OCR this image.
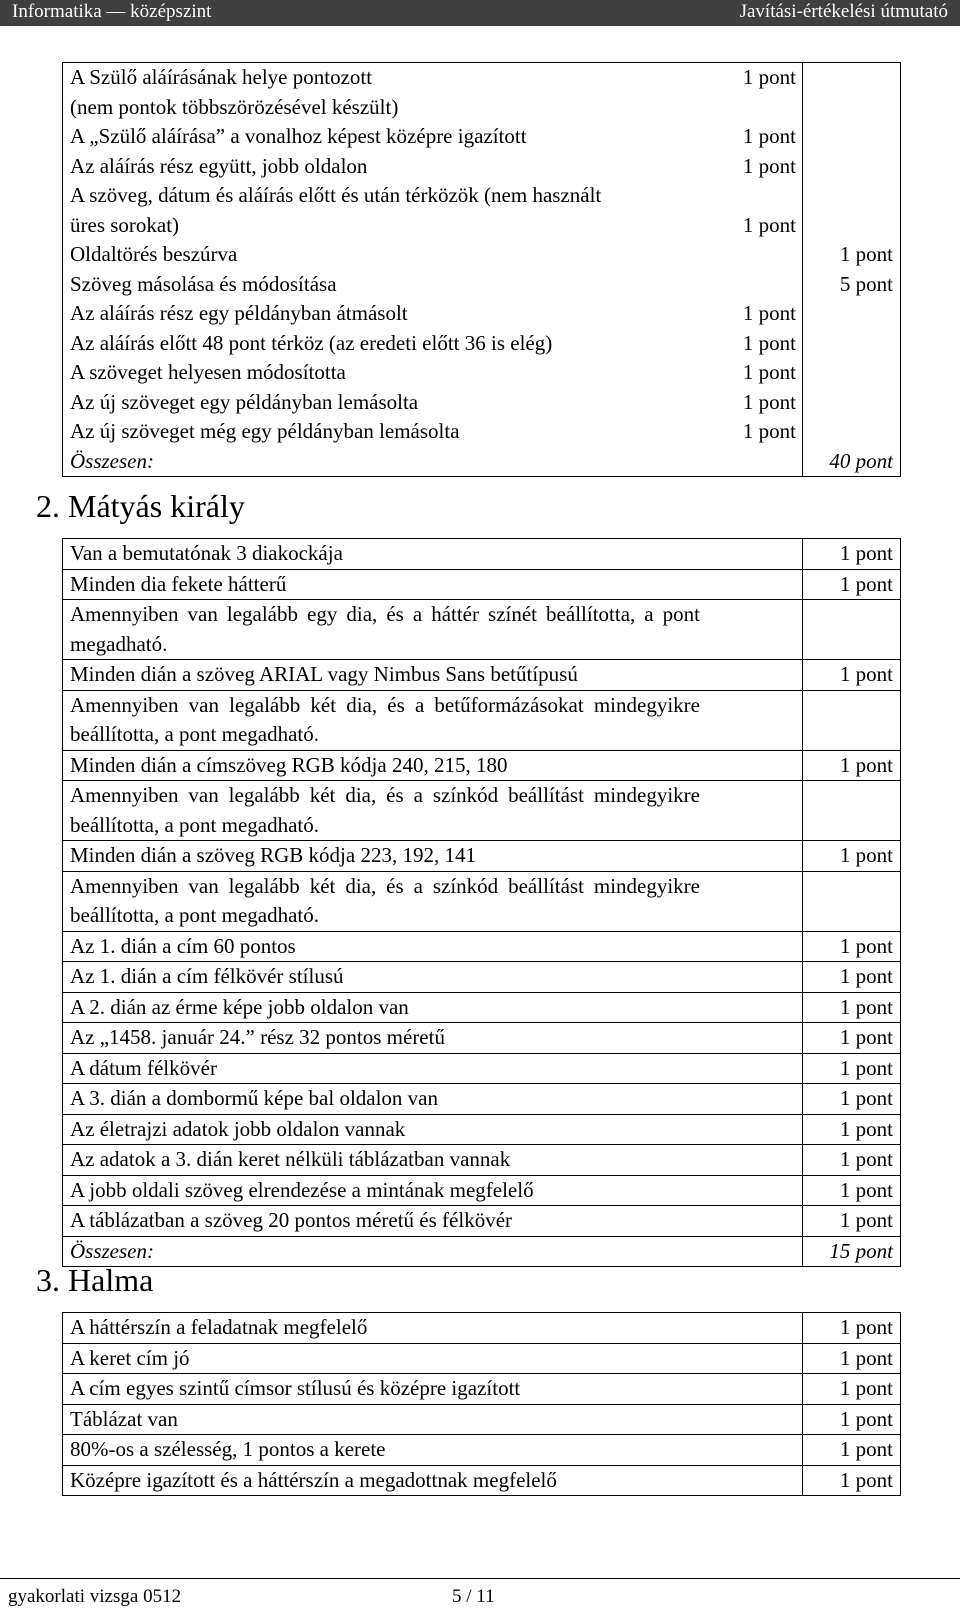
Informatika — középszint	Javítási-értékelési útmutató
A Szülő aláírásának helye pontozott	1 pont	
(nem pontok többszörözésével készült)		
A „Szülő aláírása” a vonalhoz képest középre igazított	1 pont	
Az aláírás rész együtt, jobb oldalon	1 pont	
A szöveg, dátum és aláírás előtt és után térközök (nem használt		
üres sorokat)	1 pont	
Oldaltörés beszúrva		1 pont
Szöveg másolása és módosítása		5 pont
Az aláírás rész egy példányban átmásolt	1 pont	
Az aláírás előtt 48 pont térköz (az eredeti előtt 36 is elég)	1 pont	
A szöveget helyesen módosította	1 pont	
Az új szöveget egy példányban lemásolta	1 pont	
Az új szöveget még egy példányban lemásolta	1 pont	
Összesen:		40 pont
2. Mátyás király
Van a bemutatónak 3 diakockája	1 pont
Minden dia fekete hátterű	1 pont
Amennyiben van legalább egy dia, és a háttér színét beállította, a pont megadható.	
Minden dián a szöveg ARIAL vagy Nimbus Sans betűtípusú	1 pont
Amennyiben van legalább két dia, és a betűformázásokat mindegyikre beállította, a pont megadható.	
Minden dián a címszöveg RGB kódja 240, 215, 180	1 pont
Amennyiben van legalább két dia, és a színkód beállítást mindegyikre beállította, a pont megadható.	
Minden dián a szöveg RGB kódja 223, 192, 141	1 pont
Amennyiben van legalább két dia, és a színkód beállítást mindegyikre beállította, a pont megadható.	
Az 1. dián a cím 60 pontos	1 pont
Az 1. dián a cím félkövér stílusú	1 pont
A 2. dián az érme képe jobb oldalon van	1 pont
Az „1458. január 24.” rész 32 pontos méretű	1 pont
A dátum félkövér	1 pont
A 3. dián a dombormű képe bal oldalon van	1 pont
Az életrajzi adatok jobb oldalon vannak	1 pont
Az adatok a 3. dián keret nélküli táblázatban vannak	1 pont
A jobb oldali szöveg elrendezése a mintának megfelelő	1 pont
A táblázatban a szöveg 20 pontos méretű és félkövér	1 pont
Összesen:	15 pont
3. Halma
A háttérszín a feladatnak megfelelő	1 pont
A keret cím jó	1 pont
A cím egyes szintű címsor stílusú és középre igazított	1 pont
Táblázat van	1 pont
80%-os a szélesség, 1 pontos a kerete	1 pont
Középre igazított és a háttérszín a megadottnak megfelelő	1 pont
gyakorlati vizsga 0512	5 / 11
